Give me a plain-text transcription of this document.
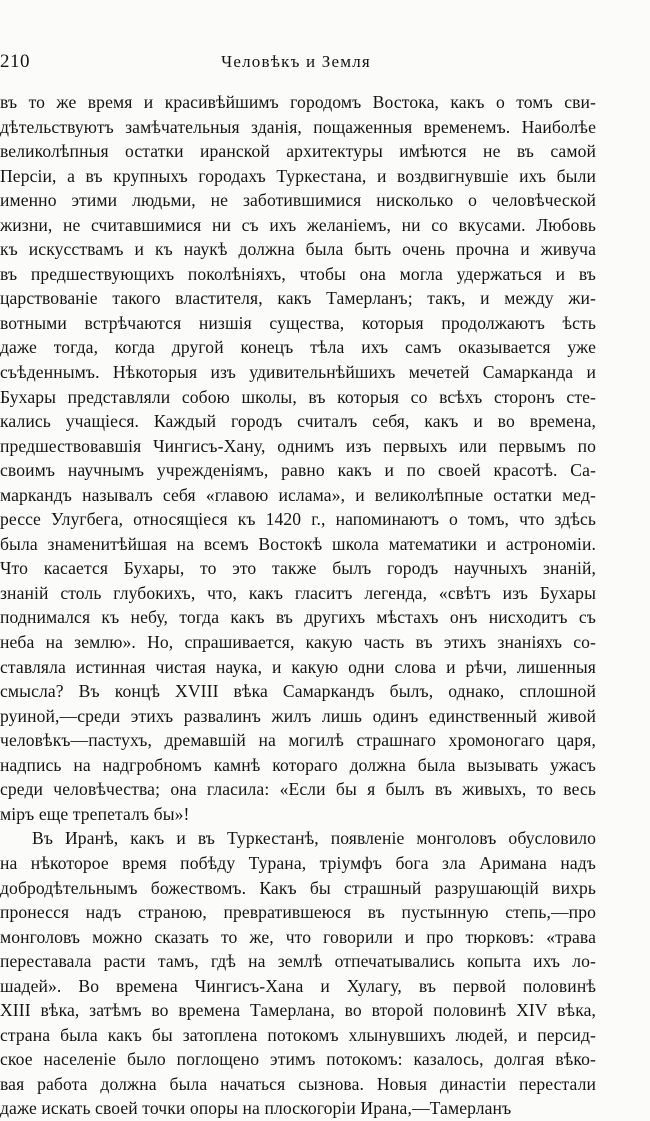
210	Человѣкъ и Земля
въ то же время и красивѣйшимъ городомъ Востока, какъ о томъ сви-
дѣтельствуютъ замѣчательныя зданія, пощаженныя временемъ. Наиболѣе
великолѣпныя остатки иранской архитектуры имѣются не въ самой
Персіи, а въ крупныхъ городахъ Туркестана, и воздвигнувшіе ихъ были
именно этими людьми, не заботившимися нисколько о человѣческой
жизни, не считавшимися ни съ ихъ желаніемъ, ни со вкусами. Любовь
къ искусствамъ и къ наукѣ должна была быть очень прочна и живуча
въ предшествующихъ поколѣніяхъ, чтобы она могла удержаться и въ
царствованіе такого властителя, какъ Тамерланъ; такъ, и между жи-
вотными встрѣчаются низшія существа, которыя продолжаютъ ѣсть
даже тогда, когда другой конецъ тѣла ихъ самъ оказывается уже
съѣденнымъ. Нѣкоторыя изъ удивительнѣйшихъ мечетей Самарканда и
Бухары представляли собою школы, въ которыя со всѣхъ сторонъ сте-
кались учащіеся. Каждый городъ считалъ себя, какъ и во времена,
предшествовавшія Чингисъ-Хану, однимъ изъ первыхъ или первымъ по
своимъ научнымъ учрежденіямъ, равно какъ и по своей красотѣ. Са-
маркандъ называлъ себя «главою ислама», и великолѣпные остатки мед-
ресcе Улугбега, относящіеся къ 1420 г., напоминаютъ о томъ, что здѣсь
была знаменитѣйшая на всемъ Востокѣ школа математики и астрономіи.
Что касается Бухары, то это также былъ городъ научныхъ знаній,
знаній столь глубокихъ, что, какъ гласитъ легенда, «свѣтъ изъ Бухары
поднимался къ небу, тогда какъ въ другихъ мѣстахъ онъ нисходитъ съ
неба на землю». Но, спрашивается, какую часть въ этихъ знаніяхъ со-
ставляла истинная чистая наука, и какую одни слова и рѣчи, лишенныя
смысла? Въ концѣ XVIII вѣка Самаркандъ былъ, однако, сплошной
руиной,—среди этихъ развалинъ жилъ лишь одинъ единственный живой
человѣкъ—пастухъ, дремавшій на могилѣ страшнаго хромоногаго царя,
надпись на надгробномъ камнѣ котораго должна была вызывать ужасъ
среди человѣчества; она гласила: «Если бы я былъ въ живыхъ, то весь
міръ еще трепеталъ бы»!
Въ Иранѣ, какъ и въ Туркестанѣ, появленіе монголовъ обусловило
на нѣкоторое время побѣду Турана, тріумфъ бога зла Аримана надъ
добродѣтельнымъ божествомъ. Какъ бы страшный разрушающій вихрь
пронесся надъ страною, превратившеюся въ пустынную степь,—про
монголовъ можно сказать то же, что говорили и про тюрковъ: «трава
переставала расти тамъ, гдѣ на землѣ отпечатывались копыта ихъ ло-
шадей». Во времена Чингисъ-Хана и Хулагу, въ первой половинѣ
XIII вѣка, затѣмъ во времена Тамерлана, во второй половинѣ XIV вѣка,
страна была какъ бы затоплена потокомъ хлынувшихъ людей, и персид-
ское населеніе было поглощено этимъ потокомъ: казалось, долгая вѣко-
вая работа должна была начаться сызнова. Новыя династіи перестали
даже искать своей точки опоры на плоскогоріи Ирана,—Тамерланъ
